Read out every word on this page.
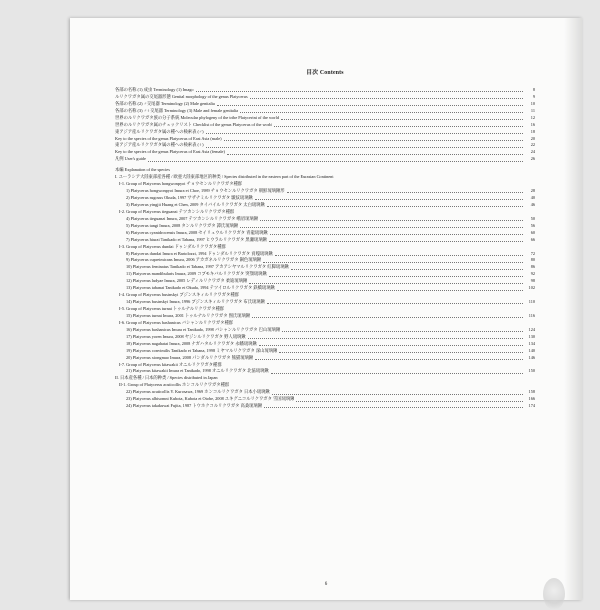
目次 Contents
各部の名称 (1) 成虫 Terminology (1) Imago	8
ルリクワガタ属の交尾器形態 Genital morphology of the genus Platycerus	9
各部の名称 (2) ♂交尾器 Terminology (2) Male genitalia	10
各部の名称 (3) ♂♀交尾器 Terminology (3) Male and female genitalia	11
世界のルリクワガタ族の分子系統 Molecular phylogeny of the tribe Platycerini of the world	12
世界のルリクワガタ属のチェックリスト Checklist of the genus Platycerus of the world	16
東アジア産ルリクワガタ属の種への検索表 (♂)	18
Key to the species of the genus Platycerus of East Asia (male)	20
東アジア産ルリクワガタ属の種への検索表 (♀)	22
Key to the species of the genus Platycerus of East Asia (female)	24
凡例 User's guide	26
本編 Explanation of the species
I. ユーラシア大陸東部産各種 / 欧亜大陸東部地区的种类 / Species distributed in the eastern part of the Eurasian Continent
I-1. Group of Platycerus hongwonpyoi チョウセンルリクワガタ種群
1) Platycerus hongwonpyoi Imura et Choe, 1989 チョウセンルリクワガタ 朝鮮琉璃鍬形	28
2) Platycerus rugosus Okuda, 1997 サザナミルリクワガタ 皺紋琉璃鍬	40
3) Platycerus yingjii Huang et Chen, 2009 タイバイルリクワガタ 太白琉璃鍬	46
I-2. Group of Platycerus tieguanzi テツカンシルリクワガタ種群
4) Platycerus tieguanzi Imura, 2007 テツカンシルリクワガタ 峨眉琉璃鍬	50
5) Platycerus tangi Imura, 2008 タンルリクワガタ 譚氏琉璃鍬	56
6) Platycerus cyanidrocensis Imura, 2008 セイリュウルリクワガタ 青龍琉璃鍬	60
7) Platycerus hiurai Tanikado et Tabana, 1997 ヒウラルリクワガタ 黑瀬琉璃鍬	66
I-3. Group of Platycerus dundai ドゥンダルリクワガタ種群
8) Platycerus dundai Imura et Bartolozzi, 1994 ドゥンダルリクワガタ 貢嘎琉璃鍬	72
9) Platycerus cupreimicans Imura, 2006 アカガネルリクワガタ 銅色琉璃鍬	80
10) Platycerus feminatus Tanikado et Tabana, 1997 アカアシヤマルリクワガタ 紅脚琉璃鍬	86
11) Platycerus mandibularis Imura, 2009 コブモキバルリクワガタ 突顎琉璃鍬	92
12) Platycerus ludyae Imura, 2005 レディルリクワガタ 柔迪琉璃鍬	98
13) Platycerus tabanai Tanikado et Okuda, 1994 テツイロルリクワガタ 鉄橋琉璃鍬	102
I-4. Group of Platycerus businskyi ブジンスキィルリクワガタ種群
14) Platycerus businskyi Imura, 1996 ブジンスキィルリクワガタ 布氏琉璃鍬	110
I-5. Group of Platycerus turnai トゥルナルリクワガタ種群
15) Platycerus turnai Imura, 2001 トゥルナルリクワガタ 图氏琉璃鍬	116
I-6. Group of Platycerus bashanicus バシャンルリクワガタ種群
16) Platycerus bashanicus Imura et Tanikado, 1998 バシャンルリクワガタ 巴山琉璃鍬	124
17) Platycerus yoren Imura, 2008 ヤジンルリクワガタ 野人琉璃鍬	130
18) Platycerus nagahatai Imura, 2008 ナガハタルリクワガタ 永幡琉璃鍬	134
19) Platycerus convimilis Tanikado et Tabana, 1998 ミヤマルリクワガタ 深山琉璃鍬	140
20) Platycerus xiongmao Imura, 2008 パンダルリクワガタ 熊猫琉璃鍬	146
I-7. Group of Platycerus kitawakii オニルリクワガタ種群
21) Platycerus kitawakii Imura et Tanikado, 1998 オニルリクワガタ 北協琉璃鍬	150
II. 日本産各種 / 日本的种类 / Species distributed in Japan
II-1. Group of Platycerus acuticollis ホンコルリクワガタ種群
22) Platycerus acuticollis Y. Kurosawa, 1969 ホンコルリクワガタ 日本小琉璃鍬	158
23) Platycerus albisomni Kubota, Kubota et Otobe, 2008 ユキグニコルリクワガタ 雪国琉璃鍬	166
24) Platycerus takakuwai Fujita, 1987 トウホクコルリクワガタ 高桑琉璃鍬	174
6
